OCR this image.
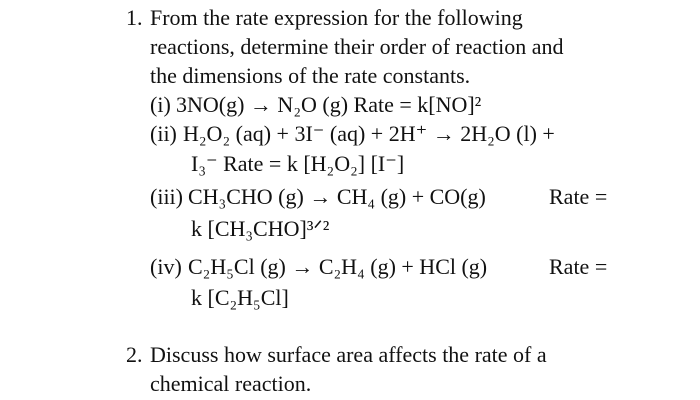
1. From the rate expression for the following
reactions, determine their order of reaction and
the dimensions of the rate constants.
(i) 3NO(g) → N₂O (g) Rate = k[NO]²
(ii) H₂O₂ (aq) + 3I⁻ (aq) + 2H⁺ → 2H₂O (l) +
I₃⁻ Rate = k [H₂O₂] [I⁻]
(iii) CH₃CHO (g) → CH₄ (g) + CO(g)	Rate =
k [CH₃CHO]³ᐟ²
(iv) C₂H₅Cl (g) → C₂H₄ (g) + HCl (g)	Rate =
k [C₂H₅Cl]
2. Discuss how surface area affects the rate of a
chemical reaction.
